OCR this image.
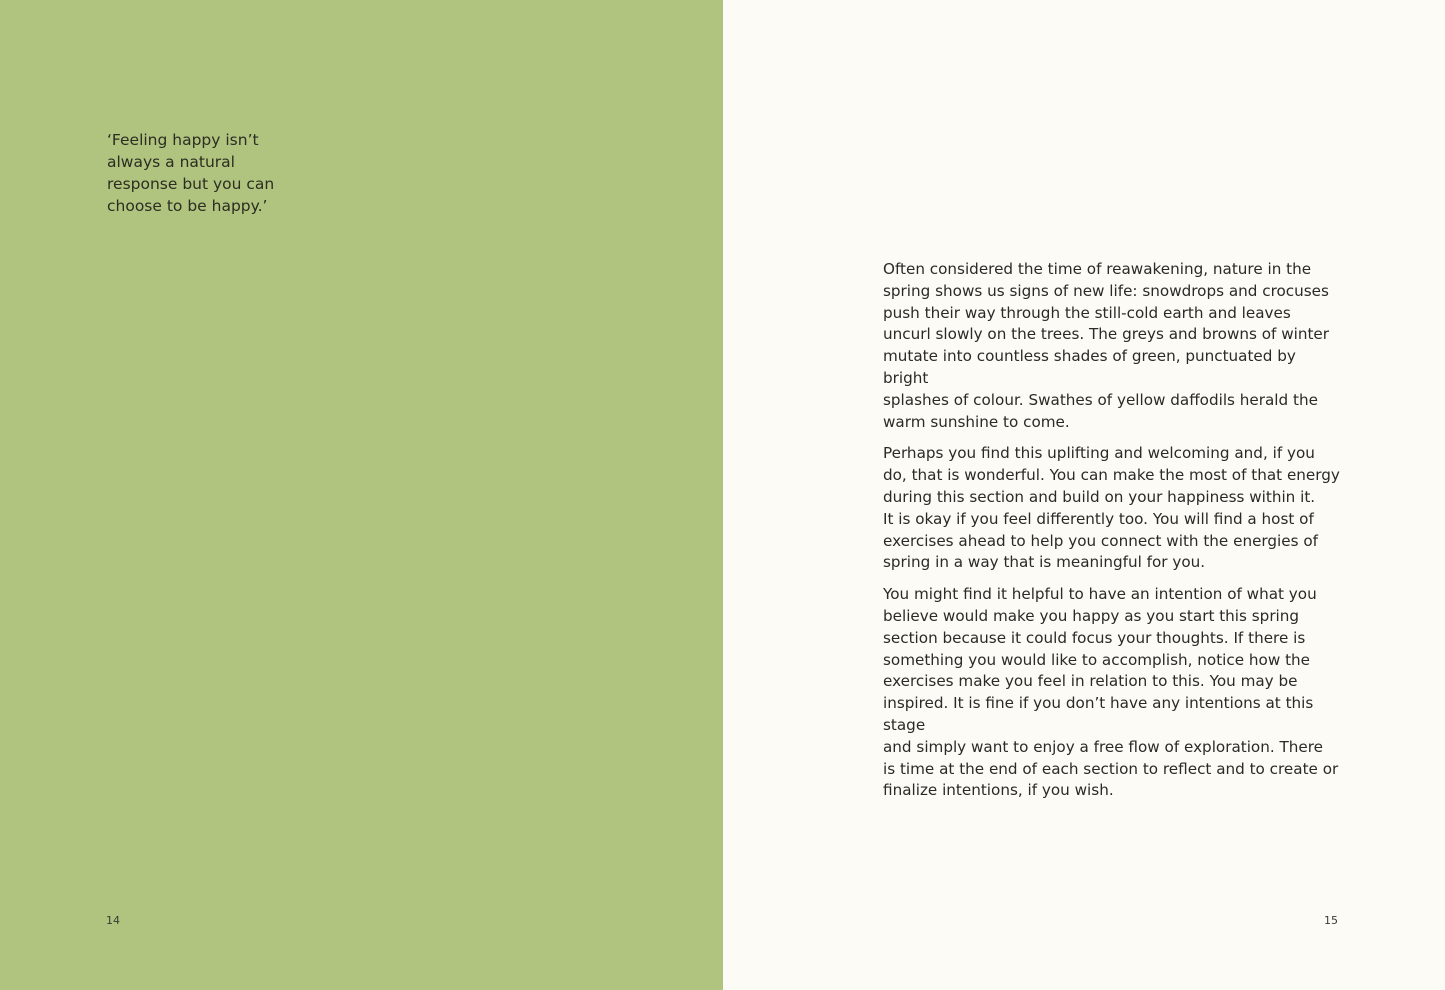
‘Feeling happy isn’t
always a natural
response but you can
choose to be happy.’

14

Often considered the time of reawakening, nature in the
spring shows us signs of new life: snowdrops and crocuses
push their way through the still-cold earth and leaves
uncurl slowly on the trees. The greys and browns of winter
mutate into countless shades of green, punctuated by bright
splashes of colour. Swathes of yellow daffodils herald the
warm sunshine to come.

Perhaps you find this uplifting and welcoming and, if you
do, that is wonderful. You can make the most of that energy
during this section and build on your happiness within it.
It is okay if you feel differently too. You will find a host of
exercises ahead to help you connect with the energies of
spring in a way that is meaningful for you.

You might find it helpful to have an intention of what you
believe would make you happy as you start this spring
section because it could focus your thoughts. If there is
something you would like to accomplish, notice how the
exercises make you feel in relation to this. You may be
inspired. It is fine if you don’t have any intentions at this stage
and simply want to enjoy a free flow of exploration. There
is time at the end of each section to reflect and to create or
finalize intentions, if you wish.

15
